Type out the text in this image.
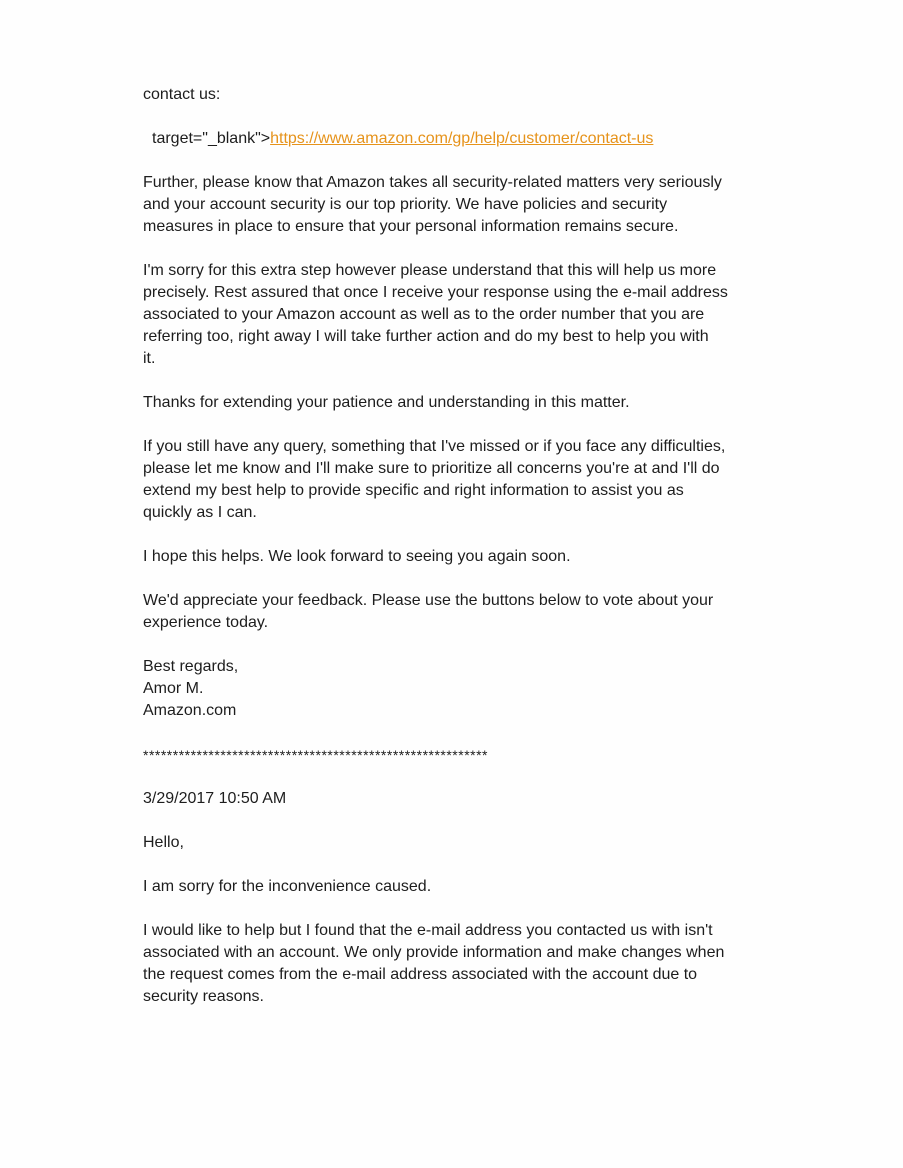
contact us:

target="_blank">https://www.amazon.com/gp/help/customer/contact-us

Further, please know that Amazon takes all security-related matters very seriously
and your account security is our top priority. We have policies and security
measures in place to ensure that your personal information remains secure.

I'm sorry for this extra step however please understand that this will help us more
precisely. Rest assured that once I receive your response using the e-mail address
associated to your Amazon account as well as to the order number that you are
referring too, right away I will take further action and do my best to help you with
it.

Thanks for extending your patience and understanding in this matter.

If you still have any query, something that I've missed or if you face any difficulties,
please let me know and I'll make sure to prioritize all concerns you're at and I'll do
extend my best help to provide specific and right information to assist you as
quickly as I can.

I hope this helps. We look forward to seeing you again soon.

We'd appreciate your feedback. Please use the buttons below to vote about your
experience today.

Best regards,
Amor M.
Amazon.com

**********************************************************

3/29/2017 10:50 AM

Hello,

I am sorry for the inconvenience caused.

I would like to help but I found that the e-mail address you contacted us with isn't
associated with an account. We only provide information and make changes when
the request comes from the e-mail address associated with the account due to
security reasons.
